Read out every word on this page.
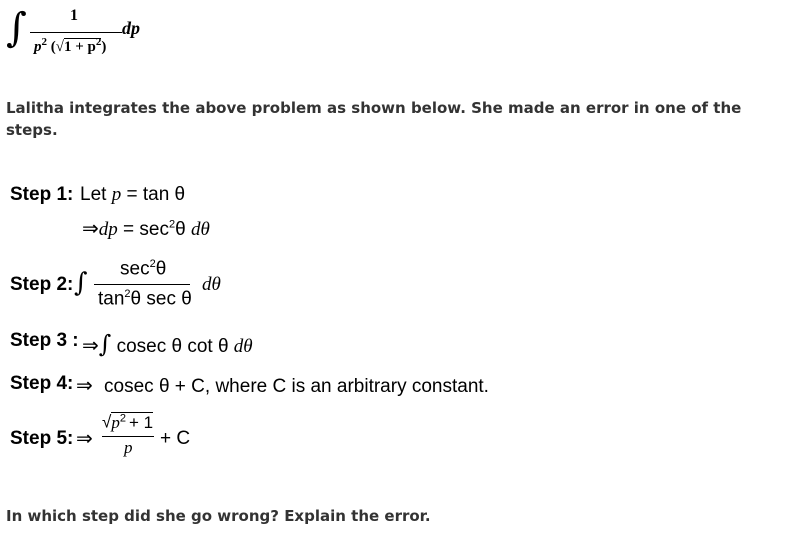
∫	1
$p^2$ $(√1 + p^2)$
dp
Lalitha integrates the above problem as shown below. She made an error in one of the steps.
Step 1: Let p = tan θ
⇒dp = $\sec^2\theta$ dθ
Step 2: ∫ $\sec^2\theta$
$\tan^2\theta$ sec θ
dθ
Step 3 : ⇒∫ cosec θ cot θ dθ
Step 4: ⇒ cosec θ + C, where C is an arbitrary constant.
Step 5: ⇒
$√p^2 + 1$
p + C
In which step did she go wrong? Explain the error.
